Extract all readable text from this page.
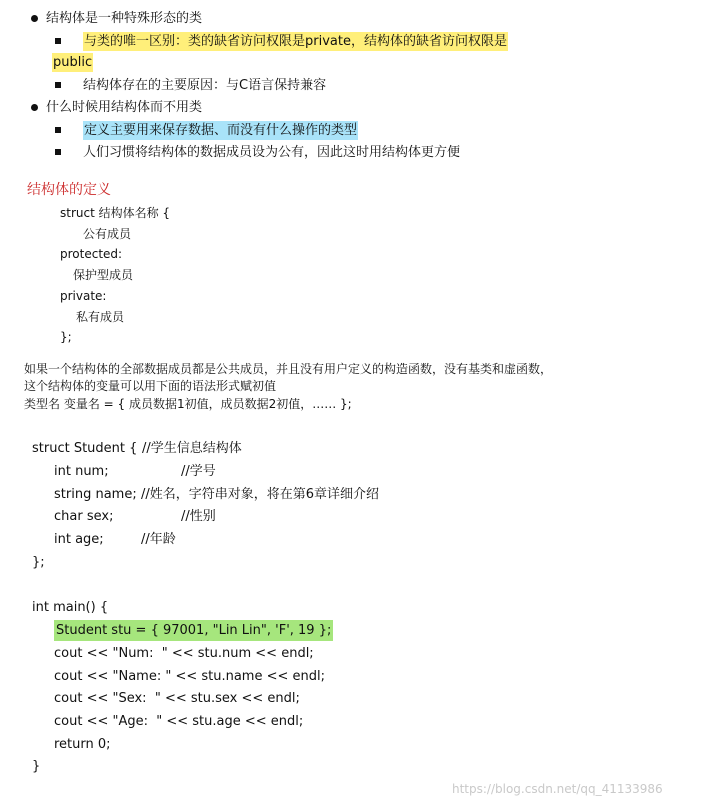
结构体是一种特殊形态的类
与类的唯一区别：类的缺省访问权限是private，结构体的缺省访问权限是
public
结构体存在的主要原因：与C语言保持兼容
什么时候用结构体而不用类
定义主要用来保存数据、而没有什么操作的类型
人们习惯将结构体的数据成员设为公有，因此这时用结构体更方便
结构体的定义
struct 结构体名称 {
公有成员
protected:
保护型成员
private:
私有成员
};
如果一个结构体的全部数据成员都是公共成员，并且没有用户定义的构造函数，没有基类和虚函数，
这个结构体的变量可以用下面的语法形式赋初值
类型名 变量名 = { 成员数据1初值，成员数据2初值，…… };
struct Student { //学生信息结构体
int num;	//学号
string name; //姓名，字符串对象，将在第6章详细介绍
char sex;	//性别
int age;	//年龄
};
int main() {
Student stu = { 97001, "Lin Lin", 'F', 19 };
cout << "Num:  " << stu.num << endl;
cout << "Name: " << stu.name << endl;
cout << "Sex:  " << stu.sex << endl;
cout << "Age:  " << stu.age << endl;
return 0;
}
https://blog.csdn.net/qq_41133986
